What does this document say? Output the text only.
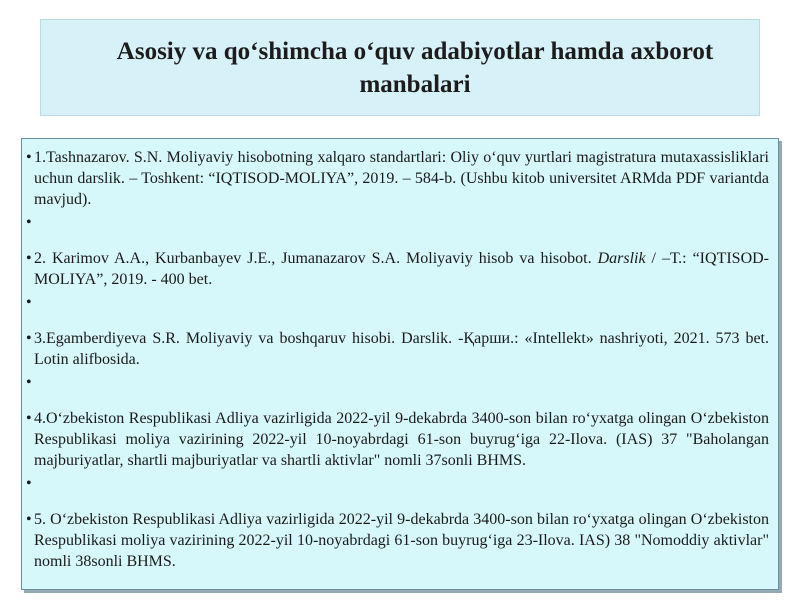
Asosiy va qo‘shimcha o‘quv adabiyotlar hamda axborot manbalari
• 1.Tashnazarov. S.N. Moliyaviy hisobotning xalqaro standartlari: Oliy o‘quv yurtlari magistratura mutaxassisliklari uchun darslik. – Toshkent: “IQTISOD-MOLIYA”, 2019. – 584-b. (Ushbu kitob universitet ARMda PDF variantda mavjud).
•
• 2. Karimov A.A., Kurbanbayev J.E., Jumanazarov S.A. Moliyaviy hisob va hisobot. Darslik / –Т.: “IQTISOD-MOLIYA”, 2019. - 400 bet.
•
• 3.Egamberdiyeva S.R. Moliyaviy va boshqaruv hisobi. Darslik. -Қарши.: «Intellekt» nashriyoti, 2021. 573 bet. Lotin alifbosida.
•
• 4.O‘zbekiston Respublikasi Adliya vazirligida 2022-yil 9-dekabrda 3400-son bilan ro‘yxatga olingan O‘zbekiston Respublikasi moliya vazirining 2022-yil 10-noyabrdagi 61-son buyrug‘iga 22-Ilova. (IAS) 37 "Baholangan majburiyatlar, shartli majburiyatlar va shartli aktivlar" nomli 37sonli BHMS.
•
• 5. O‘zbekiston Respublikasi Adliya vazirligida 2022-yil 9-dekabrda 3400-son bilan ro‘yxatga olingan O‘zbekiston Respublikasi moliya vazirining 2022-yil 10-noyabrdagi 61-son buyrug‘iga 23-Ilova. IAS) 38 "Nomoddiy aktivlar" nomli 38sonli BHMS.
